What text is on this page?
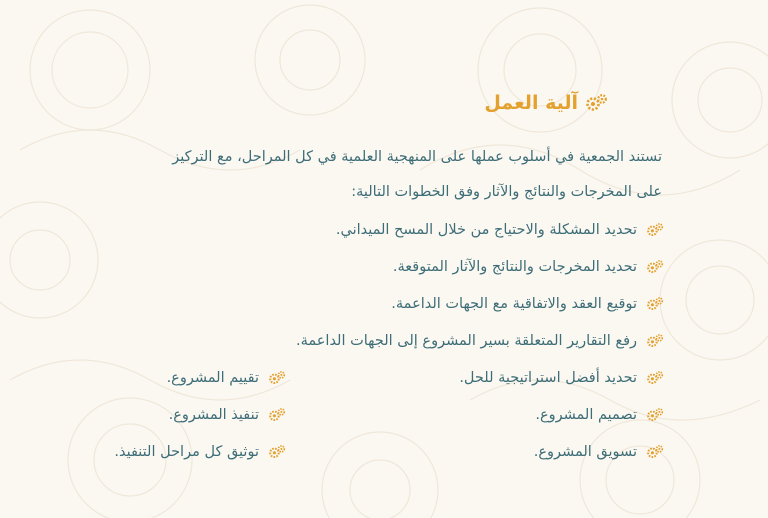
آلية العمل
تستند الجمعية في أسلوب عملها على المنهجية العلمية في كل المراحل، مع التركيز
على المخرجات والنتائج والآثار وفق الخطوات التالية:
تحديد المشكلة والاحتياج من خلال المسح الميداني.
تحديد المخرجات والنتائج والآثار المتوقعة.
توقيع العقد والاتفاقية مع الجهات الداعمة.
رفع التقارير المتعلقة بسير المشروع إلى الجهات الداعمة.
تحديد أفضل استراتيجية للحل.
تصميم المشروع.
تسويق المشروع.
تقييم المشروع.
تنفيذ المشروع.
توثيق كل مراحل التنفيذ.
